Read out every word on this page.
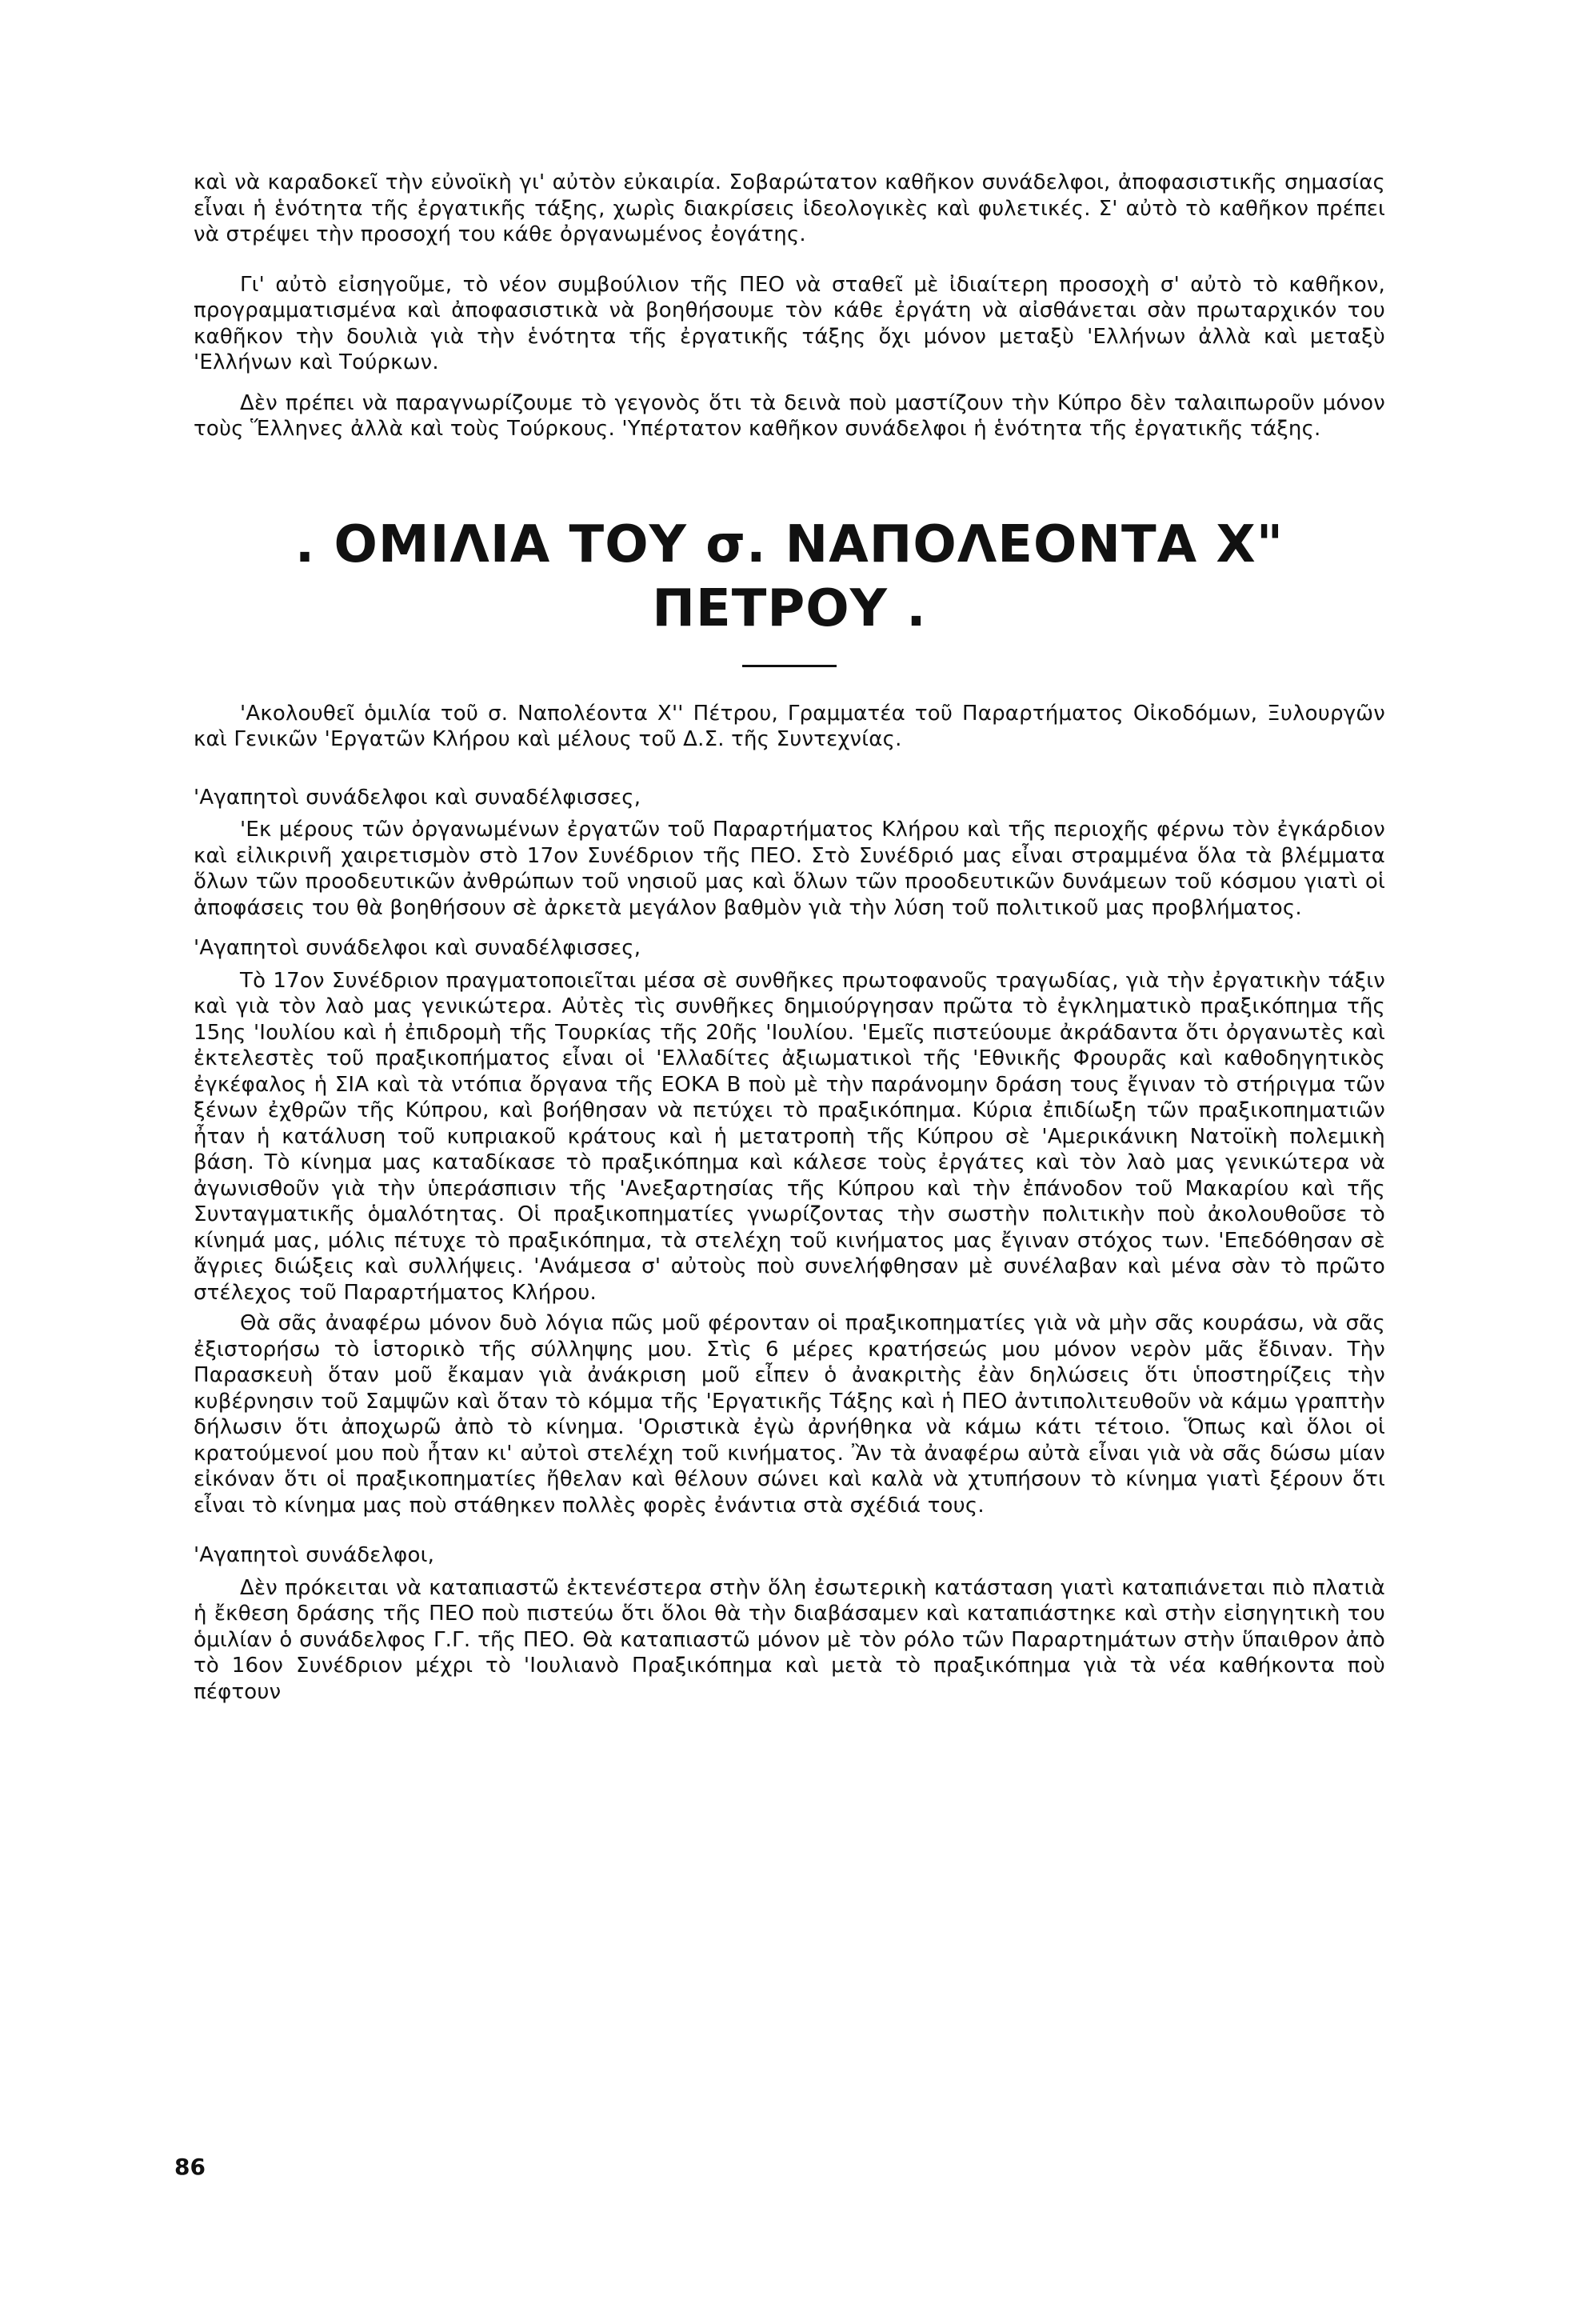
καὶ νὰ καραδοκεῖ τὴν εὐνοϊκὴ γι' αὐτὸν εὐκαιρία. Σοβαρώτατον καθῆκον συνάδελφοι, ἀποφασιστικῆς σημασίας εἶναι ἡ ἑνότητα τῆς ἐργατικῆς τάξης, χωρὶς διακρίσεις ἰδεολογικὲς καὶ φυλετικές. Σ' αὐτὸ τὸ καθῆκον πρέπει νὰ στρέψει τὴν προσοχή του κάθε ὀργανωμένος ἐογάτης.

Γι' αὐτὸ εἰσηγοῦμε, τὸ νέον συμβούλιον τῆς ΠΕΟ νὰ σταθεῖ μὲ ἰδιαίτερη προσοχὴ σ' αὐτὸ τὸ καθῆκον, προγραμματισμένα καὶ ἀποφασιστικὰ νὰ βοηθήσουμε τὸν κάθε ἐργάτη νὰ αἰσθάνεται σὰν πρωταρχικόν του καθῆκον τὴν δουλιὰ γιὰ τὴν ἑνότητα τῆς ἐργατικῆς τάξης ὄχι μόνον μεταξὺ 'Ελλήνων ἀλλὰ καὶ μεταξὺ 'Ελλήνων καὶ Τούρκων.

Δὲν πρέπει νὰ παραγνωρίζουμε τὸ γεγονὸς ὅτι τὰ δεινὰ ποὺ μαστίζουν τὴν Κύπρο δὲν ταλαιπωροῦν μόνον τοὺς Ἕλληνες ἀλλὰ καὶ τοὺς Τούρκους. 'Υπέρτατον καθῆκον συνάδελφοι ἡ ἑνότητα τῆς ἐργατικῆς τάξης.

. ΟΜΙΛΙΑ ΤΟΥ σ. ΝΑΠΟΛΕΟΝΤΑ Χ" ΠΕΤΡΟΥ .

'Ακολουθεῖ ὁμιλία τοῦ σ. Ναπολέοντα Χ'' Πέτρου, Γραμματέα τοῦ Παραρτήματος Οἰκοδόμων, Ξυλουργῶν καὶ Γενικῶν 'Εργατῶν Κλήρου καὶ μέλους τοῦ Δ.Σ. τῆς Συντεχνίας.

'Αγαπητοὶ συνάδελφοι καὶ συναδέλφισσες,

'Εκ μέρους τῶν ὀργανωμένων ἐργατῶν τοῦ Παραρτήματος Κλήρου καὶ τῆς περιοχῆς φέρνω τὸν ἐγκάρδιον καὶ εἰλικρινῆ χαιρετισμὸν στὸ 17ον Συνέδριον τῆς ΠΕΟ. Στὸ Συνέδριό μας εἶναι στραμμένα ὅλα τὰ βλέμματα ὅλων τῶν προοδευτικῶν ἀνθρώπων τοῦ νησιοῦ μας καὶ ὅλων τῶν προοδευτικῶν δυνάμεων τοῦ κόσμου γιατὶ οἱ ἀποφάσεις του θὰ βοηθήσουν σὲ ἀρκετὰ μεγάλον βαθμὸν γιὰ τὴν λύση τοῦ πολιτικοῦ μας προβλήματος.

'Αγαπητοὶ συνάδελφοι καὶ συναδέλφισσες,

Τὸ 17ον Συνέδριον πραγματοποιεῖται μέσα σὲ συνθῆκες πρωτοφανοῦς τραγωδίας, γιὰ τὴν ἐργατικὴν τάξιν καὶ γιὰ τὸν λαὸ μας γενικώτερα. Αὐτὲς τὶς συνθῆκες δημιούργησαν πρῶτα τὸ ἐγκληματικὸ πραξικόπημα τῆς 15ης 'Ιουλίου καὶ ἡ ἐπιδρομὴ τῆς Τουρκίας τῆς 20ῆς 'Ιουλίου. 'Εμεῖς πιστεύουμε ἀκράδαντα ὅτι ὀργανωτὲς καὶ ἐκτελεστὲς τοῦ πραξικοπήματος εἶναι οἱ 'Ελλαδίτες ἀξιωματικοὶ τῆς 'Εθνικῆς Φρουρᾶς καὶ καθοδηγητικὸς ἐγκέφαλος ἡ ΣΙΑ καὶ τὰ ντόπια ὄργανα τῆς ΕΟΚΑ Β ποὺ μὲ τὴν παράνομην δράση τους ἔγιναν τὸ στήριγμα τῶν ξένων ἐχθρῶν τῆς Κύπρου, καὶ βοήθησαν νὰ πετύχει τὸ πραξικόπημα. Κύρια ἐπιδίωξη τῶν πραξικοπηματιῶν ἦταν ἡ κατάλυση τοῦ κυπριακοῦ κράτους καὶ ἡ μετατροπὴ τῆς Κύπρου σὲ 'Αμερικάνικη Νατοϊκὴ πολεμικὴ βάση. Τὸ κίνημα μας καταδίκασε τὸ πραξικόπημα καὶ κάλεσε τοὺς ἐργάτες καὶ τὸν λαὸ μας γενικώτερα νὰ ἀγωνισθοῦν γιὰ τὴν ὑπεράσπισιν τῆς 'Ανεξαρτησίας τῆς Κύπρου καὶ τὴν ἐπάνοδον τοῦ Μακαρίου καὶ τῆς Συνταγματικῆς ὁμαλότητας. Οἱ πραξικοπηματίες γνωρίζοντας τὴν σωστὴν πολιτικὴν ποὺ ἀκολουθοῦσε τὸ κίνημά μας, μόλις πέτυχε τὸ πραξικόπημα, τὰ στελέχη τοῦ κινήματος μας ἔγιναν στόχος των. 'Επεδόθησαν σὲ ἄγριες διώξεις καὶ συλλήψεις. 'Ανάμεσα σ' αὐτοὺς ποὺ συνελήφθησαν μὲ συνέλαβαν καὶ μένα σὰν τὸ πρῶτο στέλεχος τοῦ Παραρτήματος Κλήρου.

Θὰ σᾶς ἀναφέρω μόνον δυὸ λόγια πῶς μοῦ φέρονταν οἱ πραξικοπηματίες γιὰ νὰ μὴν σᾶς κουράσω, νὰ σᾶς ἐξιστορήσω τὸ ἱστορικὸ τῆς σύλληψης μου. Στὶς 6 μέρες κρατήσεώς μου μόνον νερὸν μᾶς ἔδιναν. Τὴν Παρασκευὴ ὅταν μοῦ ἔκαμαν γιὰ ἀνάκριση μοῦ εἶπεν ὁ ἀνακριτὴς ἐὰν δηλώσεις ὅτι ὑποστηρίζεις τὴν κυβέρνησιν τοῦ Σαμψῶν καὶ ὅταν τὸ κόμμα τῆς 'Εργατικῆς Τάξης καὶ ἡ ΠΕΟ ἀντιπολιτευθοῦν νὰ κάμω γραπτὴν δήλωσιν ὅτι ἀποχωρῶ ἀπὸ τὸ κίνημα. 'Οριστικὰ ἐγὼ ἀρνήθηκα νὰ κάμω κάτι τέτοιο. Ὅπως καὶ ὅλοι οἱ κρατούμενοί μου ποὺ ἦταν κι' αὐτοὶ στελέχη τοῦ κινήματος. Ἂν τὰ ἀναφέρω αὐτὰ εἶναι γιὰ νὰ σᾶς δώσω μίαν εἰκόναν ὅτι οἱ πραξικοπηματίες ἤθελαν καὶ θέλουν σώνει καὶ καλὰ νὰ χτυπήσουν τὸ κίνημα γιατὶ ξέρουν ὅτι εἶναι τὸ κίνημα μας ποὺ στάθηκεν πολλὲς φορὲς ἐνάντια στὰ σχέδιά τους.

'Αγαπητοὶ συνάδελφοι,

Δὲν πρόκειται νὰ καταπιαστῶ ἐκτενέστερα στὴν ὅλη ἐσωτερικὴ κατάσταση γιατὶ καταπιάνεται πιὸ πλατιὰ ἡ ἔκθεση δράσης τῆς ΠΕΟ ποὺ πιστεύω ὅτι ὅλοι θὰ τὴν διαβάσαμεν καὶ καταπιάστηκε καὶ στὴν εἰσηγητικὴ του ὁμιλίαν ὁ συνάδελφος Γ.Γ. τῆς ΠΕΟ. Θὰ καταπιαστῶ μόνον μὲ τὸν ρόλο τῶν Παραρτημάτων στὴν ὕπαιθρον ἀπὸ τὸ 16ον Συνέδριον μέχρι τὸ 'Ιουλιανὸ Πραξικόπημα καὶ μετὰ τὸ πραξικόπημα γιὰ τὰ νέα καθήκοντα ποὺ πέφτουν

86
